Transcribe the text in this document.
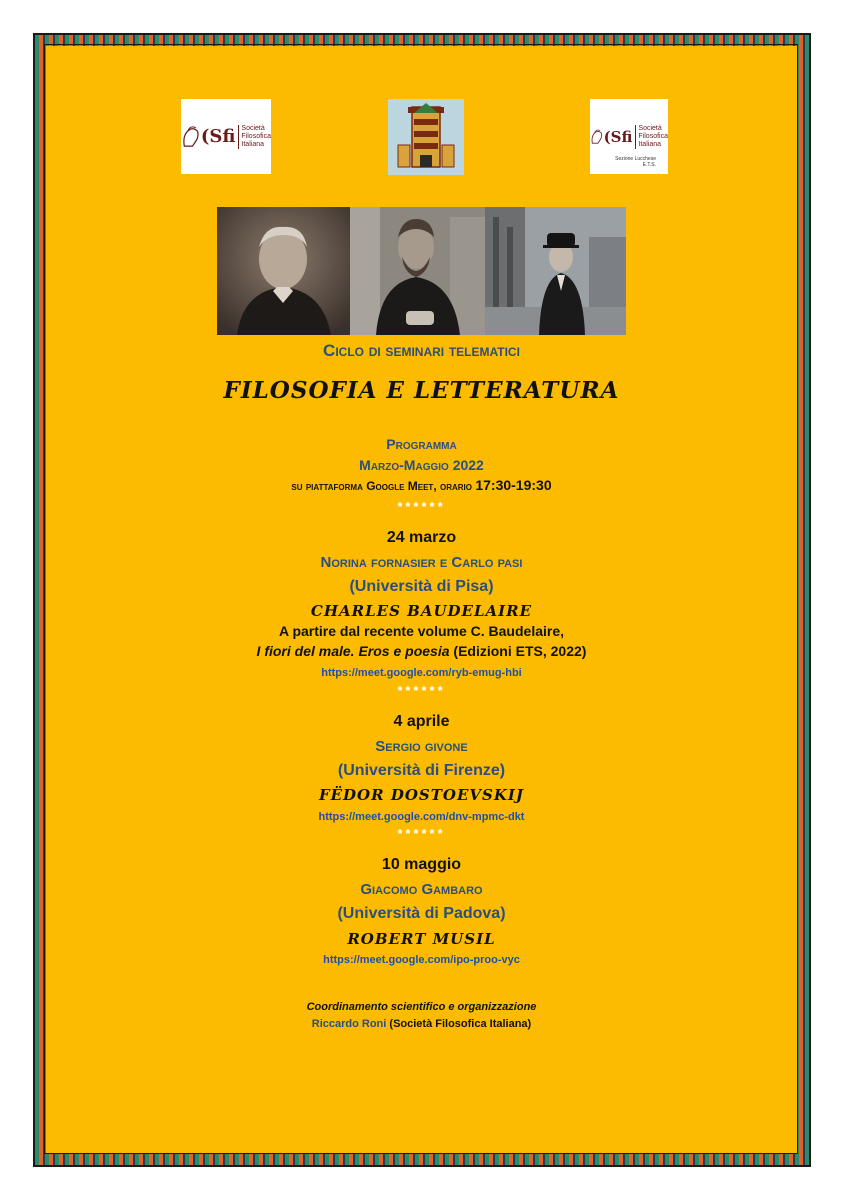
(Sfi Società
Filosofica
Italiana	(Sfi Società
Filosofica
Italiana
Sezione Lucchese
E.T.S.
Ciclo di seminari telematici
FILOSOFIA E LETTERATURA
Programma
Marzo-Maggio 2022
su piattaforma Google Meet, orario 17:30-19:30
******
24 marzo
Norina fornasier e Carlo pasi
(Università di Pisa)
CHARLES BAUDELAIRE
A partire dal recente volume C. Baudelaire,
I fiori del male. Eros e poesia (Edizioni ETS, 2022)
https://meet.google.com/ryb-emug-hbi
******
4 aprile
Sergio givone
(Università di Firenze)
FËDOR DOSTOEVSKIJ
https://meet.google.com/dnv-mpmc-dkt
******
10 maggio
Giacomo Gambaro
(Università di Padova)
ROBERT MUSIL
https://meet.google.com/ipo-proo-vyc
Coordinamento scientifico e organizzazione
Riccardo Roni (Società Filosofica Italiana)
